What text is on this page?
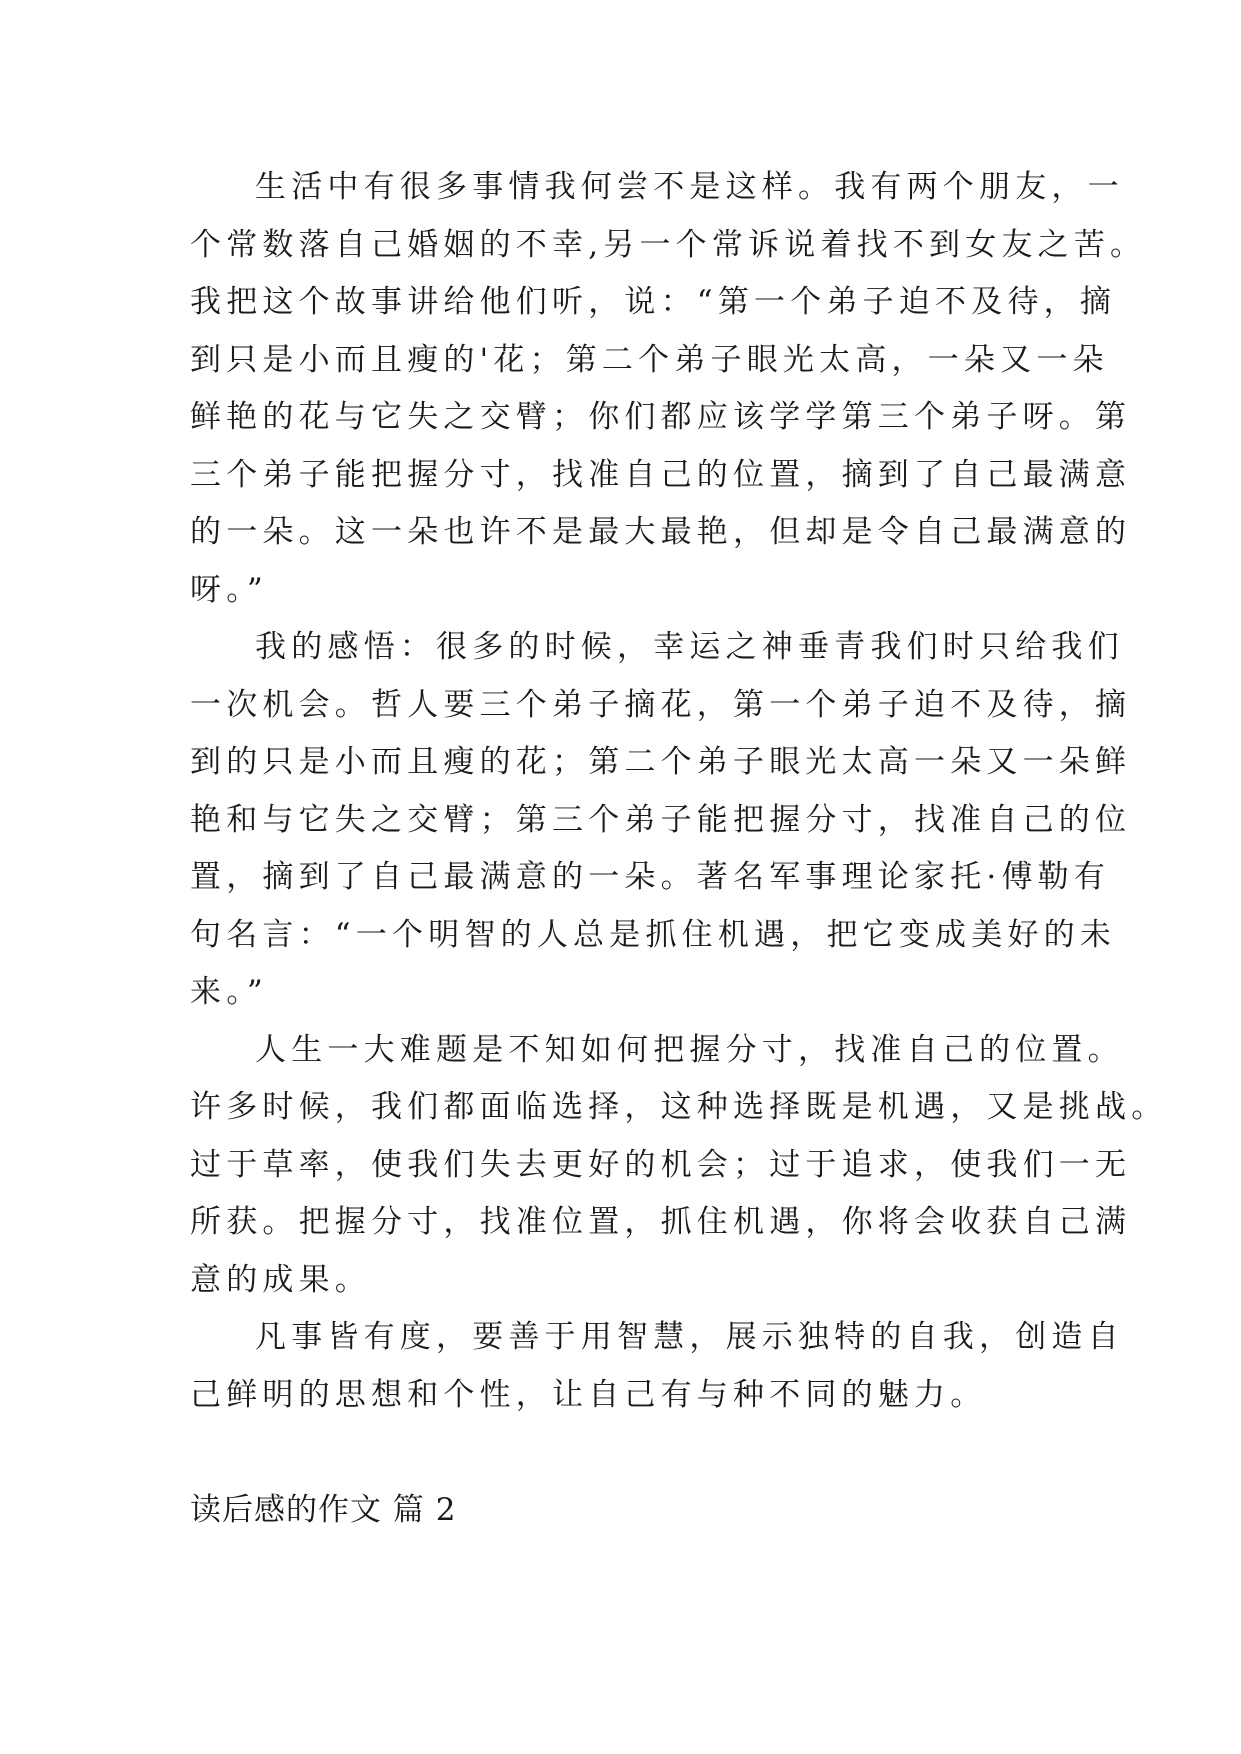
生活中有很多事情我何尝不是这样。我有两个朋友，一

个常数落自己婚姻的不幸,另一个常诉说着找不到女友之苦。

我把这个故事讲给他们听，说：“第一个弟子迫不及待，摘

到只是小而且瘦的'花；第二个弟子眼光太高，一朵又一朵

鲜艳的花与它失之交臂；你们都应该学学第三个弟子呀。第

三个弟子能把握分寸，找准自己的位置，摘到了自己最满意

的一朵。这一朵也许不是最大最艳，但却是令自己最满意的

呀。”

我的感悟：很多的时候，幸运之神垂青我们时只给我们

一次机会。哲人要三个弟子摘花，第一个弟子迫不及待，摘

到的只是小而且瘦的花；第二个弟子眼光太高一朵又一朵鲜

艳和与它失之交臂；第三个弟子能把握分寸，找准自己的位

置，摘到了自己最满意的一朵。著名军事理论家托·傅勒有

句名言：“一个明智的人总是抓住机遇，把它变成美好的未

来。”

人生一大难题是不知如何把握分寸，找准自己的位置。

许多时候，我们都面临选择，这种选择既是机遇，又是挑战。

过于草率，使我们失去更好的机会；过于追求，使我们一无

所获。把握分寸，找准位置，抓住机遇，你将会收获自己满

意的成果。

凡事皆有度，要善于用智慧，展示独特的自我，创造自

己鲜明的思想和个性，让自己有与种不同的魅力。

读后感的作文 篇 2
